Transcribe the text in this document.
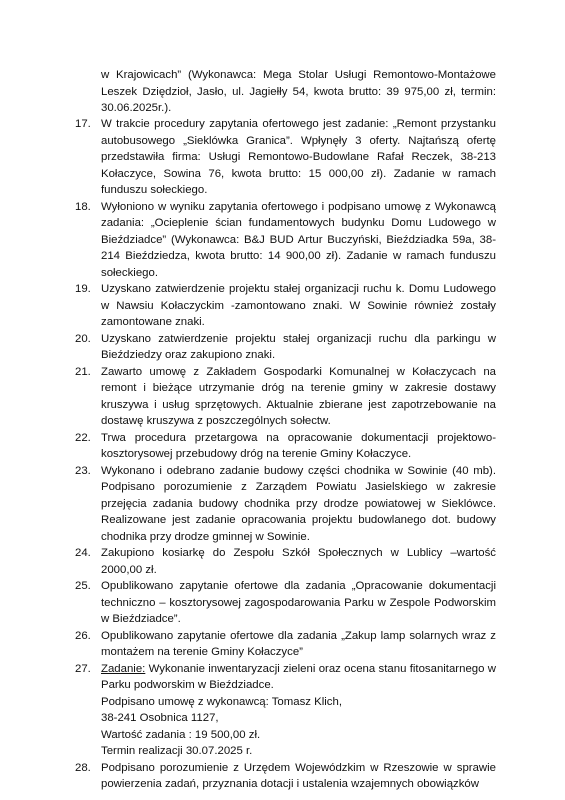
w Krajowicach” (Wykonawca: Mega Stolar Usługi Remontowo-Montażowe Leszek Dziędzioł, Jasło, ul. Jagiełły 54, kwota brutto: 39 975,00 zł, termin: 30.06.2025r.).
17. W trakcie procedury zapytania ofertowego jest zadanie: „Remont przystanku autobusowego „Sieklówka Granica”. Wpłynęły 3 oferty. Najtańszą ofertę przedstawiła firma: Usługi Remontowo-Budowlane Rafał Reczek, 38-213 Kołaczyce, Sowina 76, kwota brutto: 15 000,00 zł). Zadanie w ramach funduszu sołeckiego.
18. Wyłoniono w wyniku zapytania ofertowego i podpisano umowę z Wykonawcą zadania: „Ocieplenie ścian fundamentowych budynku Domu Ludowego w Bieździadce” (Wykonawca: B&J BUD Artur Buczyński, Bieździadka 59a, 38-214 Bieździedza, kwota brutto: 14 900,00 zł). Zadanie w ramach funduszu sołeckiego.
19. Uzyskano zatwierdzenie projektu stałej organizacji ruchu k. Domu Ludowego w Nawsiu Kołaczyckim -zamontowano znaki. W Sowinie również zostały zamontowane znaki.
20. Uzyskano zatwierdzenie projektu stałej organizacji ruchu dla parkingu w Bieździedzy oraz zakupiono znaki.
21. Zawarto umowę z Zakładem Gospodarki Komunalnej w Kołaczycach na remont i bieżące utrzymanie dróg na terenie gminy w zakresie dostawy kruszywa i usług sprzętowych. Aktualnie zbierane jest zapotrzebowanie na dostawę kruszywa z poszczególnych sołectw.
22. Trwa procedura przetargowa na opracowanie dokumentacji projektowo-kosztorysowej przebudowy dróg na terenie Gminy Kołaczyce.
23. Wykonano i odebrano zadanie budowy części chodnika w Sowinie (40 mb). Podpisano porozumienie z Zarządem Powiatu Jasielskiego w zakresie przejęcia zadania budowy chodnika przy drodze powiatowej w Sieklówce. Realizowane jest zadanie opracowania projektu budowlanego dot. budowy chodnika przy drodze gminnej w Sowinie.
24. Zakupiono kosiarkę do Zespołu Szkół Społecznych w Lublicy –wartość 2000,00 zł.
25. Opublikowano zapytanie ofertowe dla zadania „Opracowanie dokumentacji techniczno – kosztorysowej zagospodarowania Parku w Zespole Podworskim w Bieździadce”.
26. Opublikowano zapytanie ofertowe dla zadania „Zakup lamp solarnych wraz z montażem na terenie Gminy Kołaczyce”
27. Zadanie: Wykonanie inwentaryzacji zieleni oraz ocena stanu fitosanitarnego w Parku podworskim w Bieździadce.
Podpisano umowę z wykonawcą: Tomasz Klich,
38-241 Osobnica 1127,
Wartość zadania : 19 500,00 zł.
Termin realizacji 30.07.2025 r.
28. Podpisano porozumienie z Urzędem Wojewódzkim w Rzeszowie w sprawie powierzenia zadań, przyznania dotacji i ustalenia wzajemnych obowiązków
